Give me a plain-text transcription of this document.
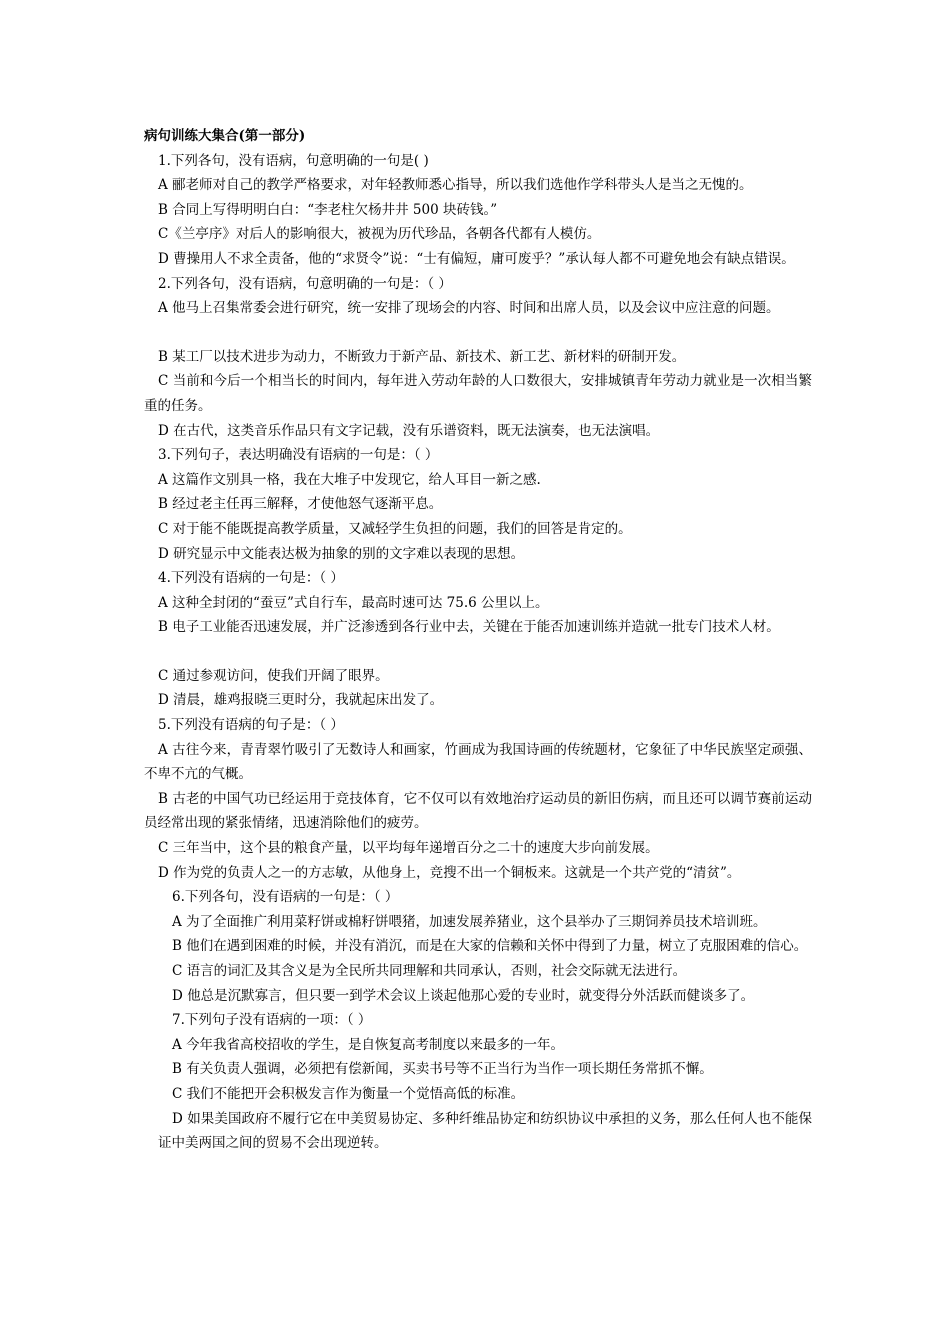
病句训练大集合(第一部分)
1.下列各句，没有语病，句意明确的一句是( )
A 郦老师对自己的教学严格要求，对年轻教师悉心指导，所以我们选他作学科带头人是当之无愧的。
B 合同上写得明明白白：“李老柱欠杨井井 500 块砖钱。”
C《兰亭序》对后人的影响很大，被视为历代珍品，各朝各代都有人模仿。
D 曹操用人不求全责备，他的“求贤令”说：“士有偏短，庸可废乎？”承认每人都不可避免地会有缺点错误。
2.下列各句，没有语病，句意明确的一句是：（ ）
A 他马上召集常委会进行研究，统一安排了现场会的内容、时间和出席人员，以及会议中应注意的问题。
B 某工厂以技术进步为动力，不断致力于新产品、新技术、新工艺、新材料的研制开发。
C 当前和今后一个相当长的时间内，每年进入劳动年龄的人口数很大，安排城镇青年劳动力就业是一次相当繁重的任务。
D 在古代，这类音乐作品只有文字记载，没有乐谱资料，既无法演奏，也无法演唱。
3.下列句子，表达明确没有语病的一句是：（ ）
A 这篇作文别具一格，我在大堆子中发现它，给人耳目一新之感.
B 经过老主任再三解释，才使他怒气逐渐平息。
C 对于能不能既提高教学质量，又减轻学生负担的问题，我们的回答是肯定的。
D 研究显示中文能表达极为抽象的别的文字难以表现的思想。
4.下列没有语病的一句是：（ ）
A 这种全封闭的“蚕豆”式自行车，最高时速可达 75.6 公里以上。
B 电子工业能否迅速发展，并广泛渗透到各行业中去，关键在于能否加速训练并造就一批专门技术人材。
C 通过参观访问，使我们开阔了眼界。
D 清晨，雄鸡报晓三更时分，我就起床出发了。
5.下列没有语病的句子是：（ ）
A 古往今来，青青翠竹吸引了无数诗人和画家，竹画成为我国诗画的传统题材，它象征了中华民族坚定顽强、不卑不亢的气概。
B 古老的中国气功已经运用于竞技体育，它不仅可以有效地治疗运动员的新旧伤病，而且还可以调节赛前运动员经常出现的紧张情绪，迅速消除他们的疲劳。
C 三年当中，这个县的粮食产量，以平均每年递增百分之二十的速度大步向前发展。
D 作为党的负责人之一的方志敏，从他身上，竞搜不出一个铜板来。这就是一个共产党的“清贫”。
6.下列各句，没有语病的一句是：（ ）
A 为了全面推广利用菜籽饼或棉籽饼喂猪，加速发展养猪业，这个县举办了三期饲养员技术培训班。
B 他们在遇到困难的时候，并没有消沉，而是在大家的信赖和关怀中得到了力量，树立了克服困难的信心。
C 语言的词汇及其含义是为全民所共同理解和共同承认，否则，社会交际就无法进行。
D 他总是沉默寡言，但只要一到学术会议上谈起他那心爱的专业时，就变得分外活跃而健谈多了。
7.下列句子没有语病的一项：（ ）
A 今年我省高校招收的学生，是自恢复高考制度以来最多的一年。
B 有关负责人强调，必须把有偿新闻，买卖书号等不正当行为当作一项长期任务常抓不懈。
C 我们不能把开会积极发言作为衡量一个觉悟高低的标准。
D 如果美国政府不履行它在中美贸易协定、多种纤维品协定和纺织协议中承担的义务，那么任何人也不能保证中美两国之间的贸易不会出现逆转。
